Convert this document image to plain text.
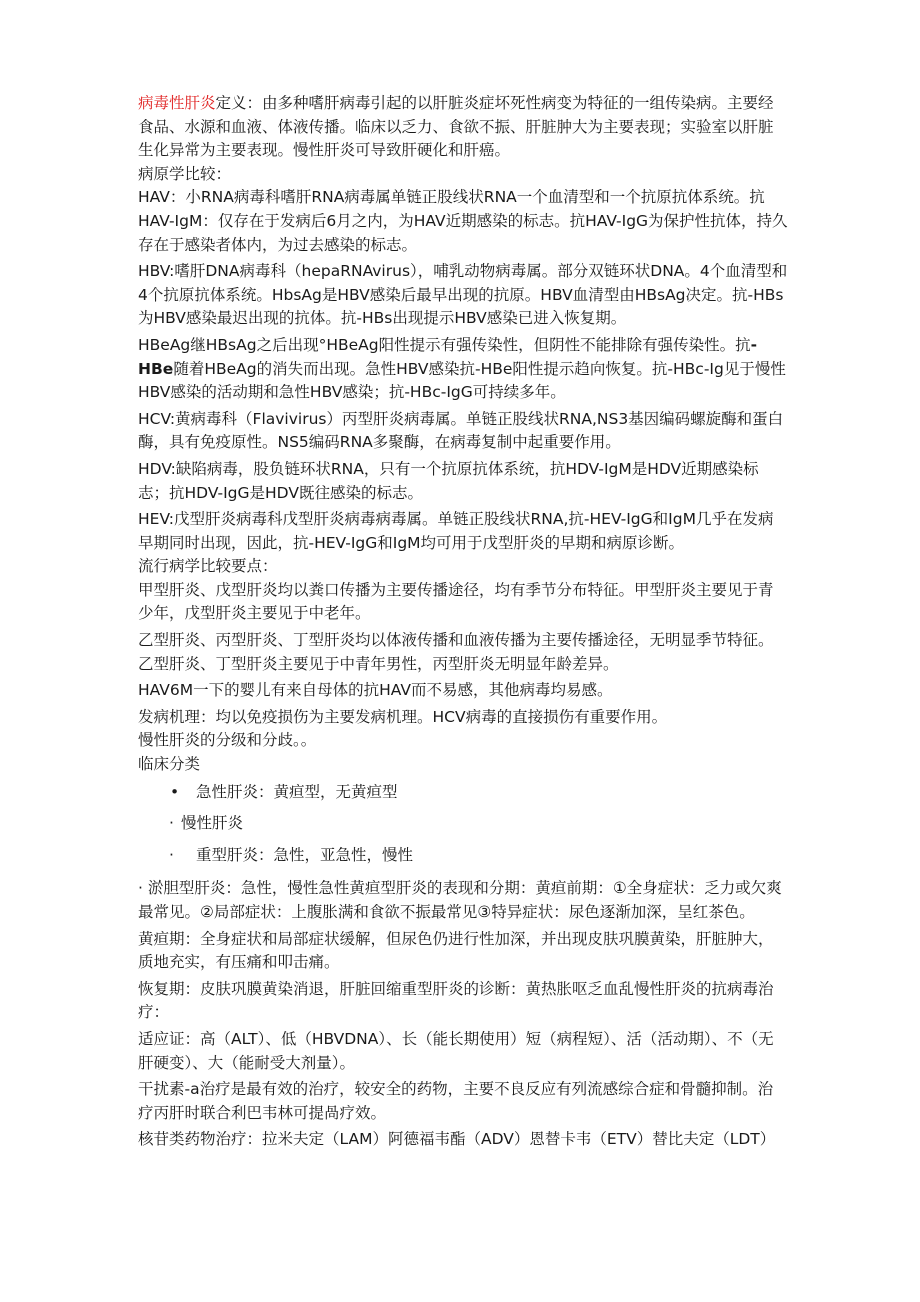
病毒性肝炎定义：由多种嗜肝病毒引起的以肝脏炎症坏死性病变为特征的一组传染病。主要经食品、水源和血液、体液传播。临床以乏力、食欲不振、肝脏肿大为主要表现；实验室以肝脏生化异常为主要表现。慢性肝炎可导致肝硬化和肝癌。

病原学比较：

HAV：小RNA病毒科嗜肝RNA病毒属单链正股线状RNA一个血清型和一个抗原抗体系统。抗HAV-IgM：仅存在于发病后6月之内，为HAV近期感染的标志。抗HAV-IgG为保护性抗体，持久存在于感染者体内，为过去感染的标志。

HBV:嗜肝DNA病毒科（hepaRNAvirus），哺乳动物病毒属。部分双链环状DNA。4个血清型和4个抗原抗体系统。HbsAg是HBV感染后最早出现的抗原。HBV血清型由HBsAg决定。抗-HBs为HBV感染最迟出现的抗体。抗-HBs出现提示HBV感染已进入恢复期。

HBeAg继HBsAg之后出现°HBeAg阳性提示有强传染性，但阴性不能排除有强传染性。抗-HBe随着HBeAg的消失而出现。急性HBV感染抗-HBe阳性提示趋向恢复。抗-HBc-Ig见于慢性HBV感染的活动期和急性HBV感染；抗-HBc-IgG可持续多年。

HCV:黄病毒科（Flavivirus）丙型肝炎病毒属。单链正股线状RNA,NS3基因编码螺旋酶和蛋白酶，具有免疫原性。NS5编码RNA多聚酶，在病毒复制中起重要作用。

HDV:缺陷病毒，股负链环状RNA，只有一个抗原抗体系统，抗HDV-IgM是HDV近期感染标志；抗HDV-IgG是HDV既往感染的标志。

HEV:戊型肝炎病毒科戊型肝炎病毒病毒属。单链正股线状RNA,抗-HEV-IgG和IgM几乎在发病早期同时出现，因此，抗-HEV-IgG和IgM均可用于戊型肝炎的早期和病原诊断。

流行病学比较要点：

甲型肝炎、戊型肝炎均以粪口传播为主要传播途径，均有季节分布特征。甲型肝炎主要见于青少年，戊型肝炎主要见于中老年。

乙型肝炎、丙型肝炎、丁型肝炎均以体液传播和血液传播为主要传播途径，无明显季节特征。乙型肝炎、丁型肝炎主要见于中青年男性，丙型肝炎无明显年龄差异。

HAV6M一下的婴儿有来自母体的抗HAV而不易感，其他病毒均易感。

发病机理：均以免疫损伤为主要发病机理。HCV病毒的直接损伤有重要作用。

慢性肝炎的分级和分歧。。

临床分类

• 急性肝炎：黄疸型，无黄疸型

· 慢性肝炎

· 重型肝炎：急性，亚急性，慢性

· 淤胆型肝炎：急性，慢性急性黄疸型肝炎的表现和分期：黄疸前期：①全身症状：乏力或欠爽最常见。②局部症状：上腹胀满和食欲不振最常见③特异症状：尿色逐渐加深，呈红茶色。

黄疸期：全身症状和局部症状缓解，但尿色仍进行性加深，并出现皮肤巩膜黄染，肝脏肿大，质地充实，有压痛和叩击痛。

恢复期：皮肤巩膜黄染消退，肝脏回缩重型肝炎的诊断：黄热胀呕乏血乱慢性肝炎的抗病毒治疗：

适应证：高（ALT）、低（HBVDNA）、长（能长期使用）短（病程短）、活（活动期）、不（无肝硬变）、大（能耐受大剂量）。

干扰素-a治疗是最有效的治疗，较安全的药物，主要不良反应有列流感综合症和骨髓抑制。治疗丙肝时联合利巴韦林可提咼疗效。

核苷类药物治疗：拉米夫定（LAM）阿德福韦酯（ADV）恩替卡韦（ETV）替比夫定（LDT）
